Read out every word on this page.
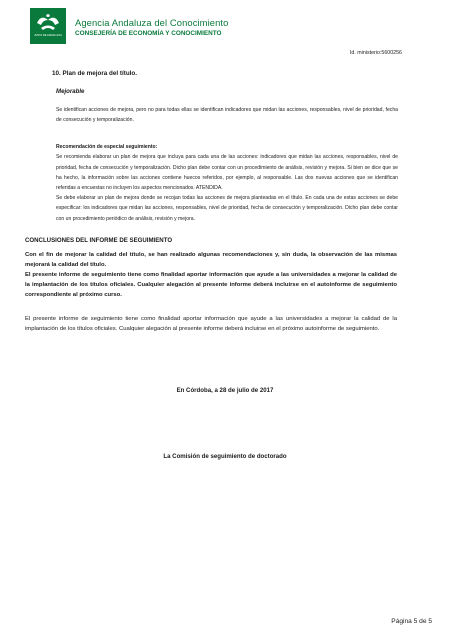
JUNTA DE ANDALUCIA
Agencia Andaluza del Conocimiento
CONSEJERÍA DE ECONOMÍA Y CONOCIMIENTO
Id. ministerio:5600256

10. Plan de mejora del título.

Mejorable

Se identifican acciones de mejora, pero no para todas ellas se identifican indicadores que midan las acciones, responsables, nivel de prioridad, fecha de consecución y temporalización.

Recomendación de especial seguimiento:

Se recomienda elaborar un plan de mejora que incluya para cada una de las acciones: indicadores que midan las acciones, responsables, nivel de prioridad, fecha de consecución y temporalización. Dicho plan debe contar con un procedimiento de análisis, revisión y mejora. Si bien se dice que se ha hecho, la información sobre las acciones contiene huecos referidos, por ejemplo, al responsable. Las dos nuevas acciones que se identifican referidas a encuestas no incluyen los aspectos mencionados. ATENDIDA.

Se debe elaborar un plan de mejora donde se recojan todas las acciones de mejora planteadas en el título. En cada una de estas acciones se debe especificar: los indicadores que midan las acciones, responsables, nivel de prioridad, fecha de consecución y temporalización. Dicho plan debe contar con un procedimiento periódico de análisis, revisión y mejora.

CONCLUSIONES DEL INFORME DE SEGUIMIENTO

Con el fin de mejorar la calidad del título, se han realizado algunas recomendaciones y, sin duda, la observación de las mismas mejorará la calidad del título.

El presente informe de seguimiento tiene como finalidad aportar información que ayude a las universidades a mejorar la calidad de la implantación de los títulos oficiales. Cualquier alegación al presente informe deberá incluirse en el autoinforme de seguimiento correspondiente al próximo curso.

El presente informe de seguimiento tiene como finalidad aportar información que ayude a las universidades a mejorar la calidad de la implantación de los títulos oficiales. Cualquier alegación al presente informe deberá incluirse en el próximo autoinforme de seguimiento.

En Córdoba, a 28 de julio de 2017
La Comisión de seguimiento de doctorado
Página 5 de 5
